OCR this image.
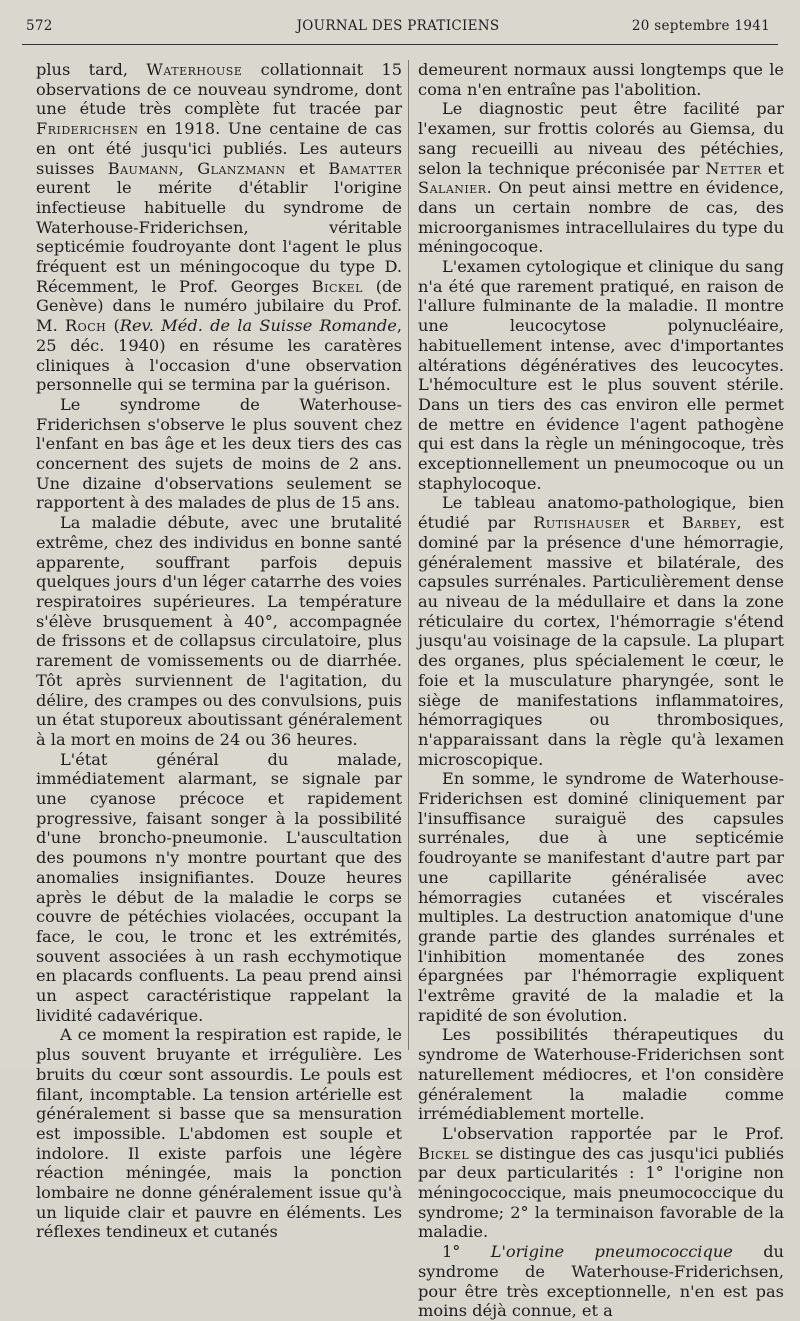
572	JOURNAL DES PRATICIENS	20 septembre 1941

plus tard, Waterhouse collationnait 15 observations de ce nouveau syndrome, dont une étude très complète fut tracée par Friderichsen en 1918. Une centaine de cas en ont été jusqu'ici publiés. Les auteurs suisses Baumann, Glanzmann et Bamatter eurent le mérite d'établir l'origine infectieuse habituelle du syndrome de Waterhouse-Friderichsen, véritable septicémie foudroyante dont l'agent le plus fréquent est un méningocoque du type D. Récemment, le Prof. Georges Bickel (de Genève) dans le numéro jubilaire du Prof. M. Roch (Rev. Méd. de la Suisse Romande, 25 déc. 1940) en résume les caratères cliniques à l'occasion d'une observation personnelle qui se termina par la guérison.

Le syndrome de Waterhouse-Friderichsen s'observe le plus souvent chez l'enfant en bas âge et les deux tiers des cas concernent des sujets de moins de 2 ans. Une dizaine d'observations seulement se rapportent à des malades de plus de 15 ans.

La maladie débute, avec une brutalité extrême, chez des individus en bonne santé apparente, souffrant parfois depuis quelques jours d'un léger catarrhe des voies respiratoires supérieures. La température s'élève brusquement à 40°, accompagnée de frissons et de collapsus circulatoire, plus rarement de vomissements ou de diarrhée. Tôt après surviennent de l'agitation, du délire, des crampes ou des convulsions, puis un état stuporeux aboutissant généralement à la mort en moins de 24 ou 36 heures.

L'état général du malade, immédiatement alarmant, se signale par une cyanose précoce et rapidement progressive, faisant songer à la possibilité d'une broncho-pneumonie. L'auscultation des poumons n'y montre pourtant que des anomalies insignifiantes. Douze heures après le début de la maladie le corps se couvre de pétéchies violacées, occupant la face, le cou, le tronc et les extrémités, souvent associées à un rash ecchymotique en placards confluents. La peau prend ainsi un aspect caractéristique rappelant la lividité cadavérique.

A ce moment la respiration est rapide, le plus souvent bruyante et irrégulière. Les bruits du cœur sont assourdis. Le pouls est filant, incomptable. La tension artérielle est généralement si basse que sa mensuration est impossible. L'abdomen est souple et indolore. Il existe parfois une légère réaction méningée, mais la ponction lombaire ne donne généralement issue qu'à un liquide clair et pauvre en éléments. Les réflexes tendineux et cutanés

demeurent normaux aussi longtemps que le coma n'en entraîne pas l'abolition.

Le diagnostic peut être facilité par l'examen, sur frottis colorés au Giemsa, du sang recueilli au niveau des pétéchies, selon la technique préconisée par Netter et Salanier. On peut ainsi mettre en évidence, dans un certain nombre de cas, des microorganismes intracellulaires du type du méningocoque.

L'examen cytologique et clinique du sang n'a été que rarement pratiqué, en raison de l'allure fulminante de la maladie. Il montre une leucocytose polynucléaire, habituellement intense, avec d'importantes altérations dégénératives des leucocytes. L'hémoculture est le plus souvent stérile. Dans un tiers des cas environ elle permet de mettre en évidence l'agent pathogène qui est dans la règle un méningocoque, très exceptionnellement un pneumocoque ou un staphylocoque.

Le tableau anatomo-pathologique, bien étudié par Rutishauser et Barbey, est dominé par la présence d'une hémorragie, généralement massive et bilatérale, des capsules surrénales. Particulièrement dense au niveau de la médullaire et dans la zone réticulaire du cortex, l'hémorragie s'étend jusqu'au voisinage de la capsule. La plupart des organes, plus spécialement le cœur, le foie et la musculature pharyngée, sont le siège de manifestations inflammatoires, hémorragiques ou thrombosiques, n'apparaissant dans la règle qu'à lexamen microscopique.

En somme, le syndrome de Waterhouse-Friderichsen est dominé cliniquement par l'insuffisance suraiguë des capsules surrénales, due à une septicémie foudroyante se manifestant d'autre part par une capillarite généralisée avec hémorragies cutanées et viscérales multiples. La destruction anatomique d'une grande partie des glandes surrénales et l'inhibition momentanée des zones épargnées par l'hémorragie expliquent l'extrême gravité de la maladie et la rapidité de son évolution.

Les possibilités thérapeutiques du syndrome de Waterhouse-Friderichsen sont naturellement médiocres, et l'on considère généralement la maladie comme irrémédiablement mortelle.

L'observation rapportée par le Prof. Bickel se distingue des cas jusqu'ici publiés par deux particularités : 1° l'origine non méningococcique, mais pneumococcique du syndrome; 2° la terminaison favorable de la maladie.

1° L'origine pneumococcique du syndrome de Waterhouse-Friderichsen, pour être très exceptionnelle, n'en est pas moins déjà connue, et a
